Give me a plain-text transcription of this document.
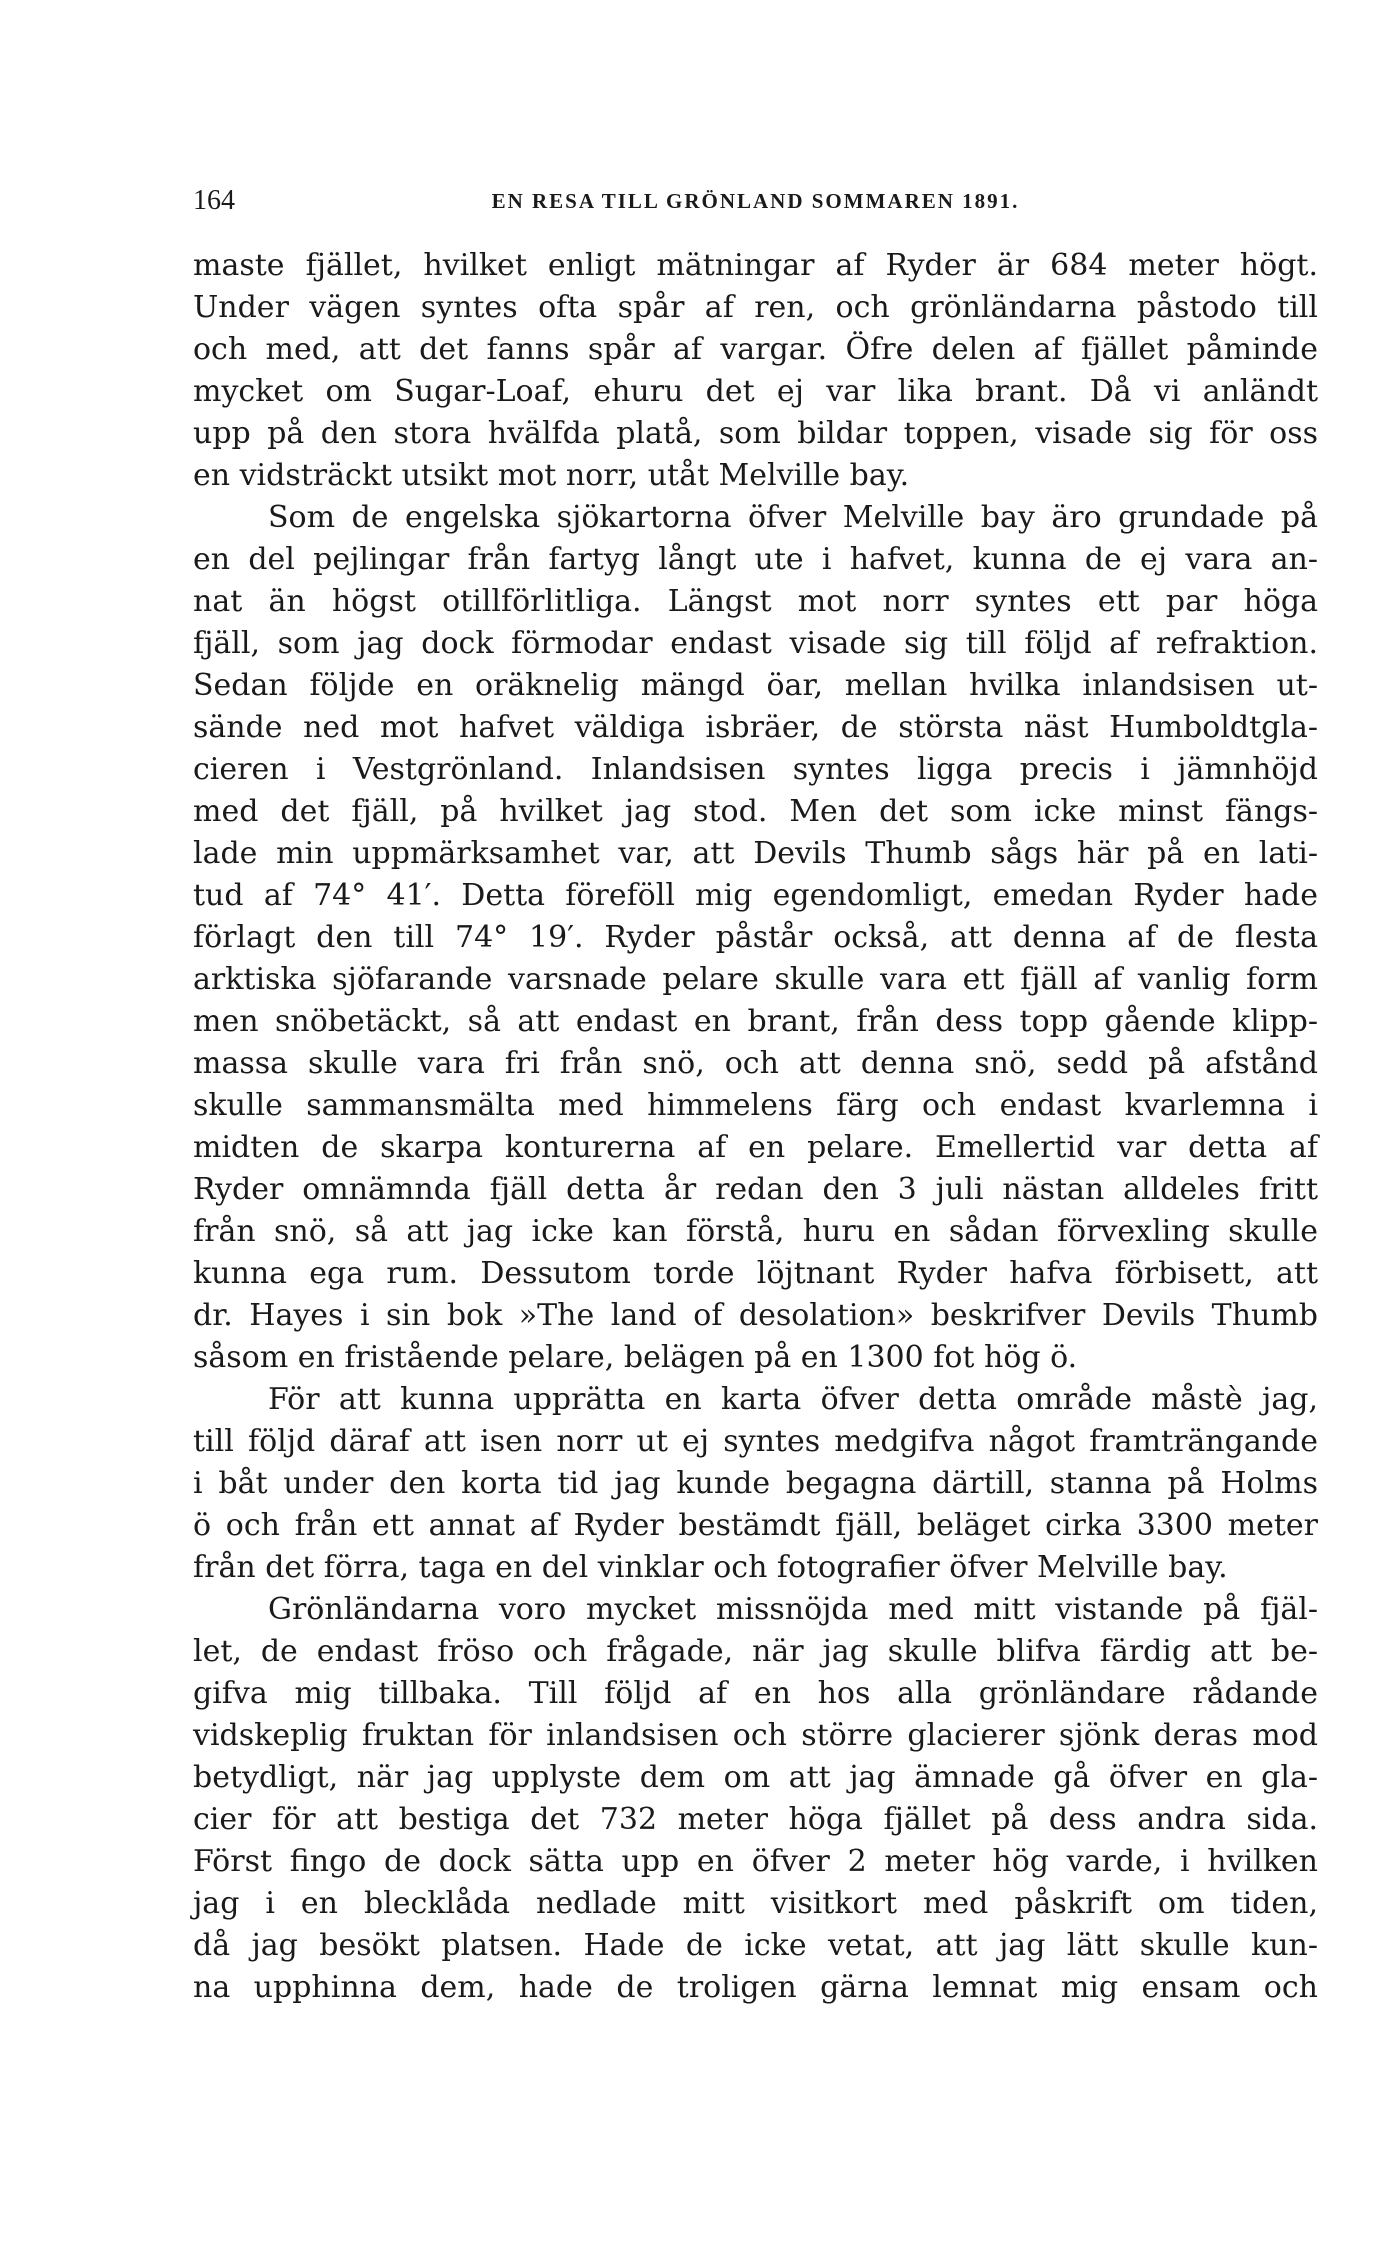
164	EN RESA TILL GRÖNLAND SOMMAREN 1891.
maste fjället, hvilket enligt mätningar af Ryder är 684 meter högt.
Under vägen syntes ofta spår af ren, och grönländarna påstodo till
och med, att det fanns spår af vargar. Öfre delen af fjället påminde
mycket om Sugar-Loaf, ehuru det ej var lika brant. Då vi anländt
upp på den stora hvälfda platå, som bildar toppen, visade sig för oss
en vidsträckt utsikt mot norr, utåt Melville bay.
Som de engelska sjökartorna öfver Melville bay äro grundade på
en del pejlingar från fartyg långt ute i hafvet, kunna de ej vara an-
nat än högst otillförlitliga. Längst mot norr syntes ett par höga
fjäll, som jag dock förmodar endast visade sig till följd af refraktion.
Sedan följde en oräknelig mängd öar, mellan hvilka inlandsisen ut-
sände ned mot hafvet väldiga isbräer, de största näst Humboldtgla-
cieren i Vestgrönland. Inlandsisen syntes ligga precis i jämnhöjd
med det fjäll, på hvilket jag stod. Men det som icke minst fängs-
lade min uppmärksamhet var, att Devils Thumb sågs här på en lati-
tud af 74° 41′. Detta föreföll mig egendomligt, emedan Ryder hade
förlagt den till 74° 19′. Ryder påstår också, att denna af de flesta
arktiska sjöfarande varsnade pelare skulle vara ett fjäll af vanlig form
men snöbetäckt, så att endast en brant, från dess topp gående klipp-
massa skulle vara fri från snö, och att denna snö, sedd på afstånd
skulle sammansmälta med himmelens färg och endast kvarlemna i
midten de skarpa konturerna af en pelare. Emellertid var detta af
Ryder omnämnda fjäll detta år redan den 3 juli nästan alldeles fritt
från snö, så att jag icke kan förstå, huru en sådan förvexling skulle
kunna ega rum. Dessutom torde löjtnant Ryder hafva förbisett, att
dr. Hayes i sin bok »The land of desolation» beskrifver Devils Thumb
såsom en fristående pelare, belägen på en 1300 fot hög ö.
För att kunna upprätta en karta öfver detta område måstè jag,
till följd däraf att isen norr ut ej syntes medgifva något framträngande
i båt under den korta tid jag kunde begagna därtill, stanna på Holms
ö och från ett annat af Ryder bestämdt fjäll, beläget cirka 3300 meter
från det förra, taga en del vinklar och fotografier öfver Melville bay.
Grönländarna voro mycket missnöjda med mitt vistande på fjäl-
let, de endast fröso och frågade, när jag skulle blifva färdig att be-
gifva mig tillbaka. Till följd af en hos alla grönländare rådande
vidskeplig fruktan för inlandsisen och större glacierer sjönk deras mod
betydligt, när jag upplyste dem om att jag ämnade gå öfver en gla-
cier för att bestiga det 732 meter höga fjället på dess andra sida.
Först fingo de dock sätta upp en öfver 2 meter hög varde, i hvilken
jag i en blecklåda nedlade mitt visitkort med påskrift om tiden,
då jag besökt platsen. Hade de icke vetat, att jag lätt skulle kun-
na upphinna dem, hade de troligen gärna lemnat mig ensam och
